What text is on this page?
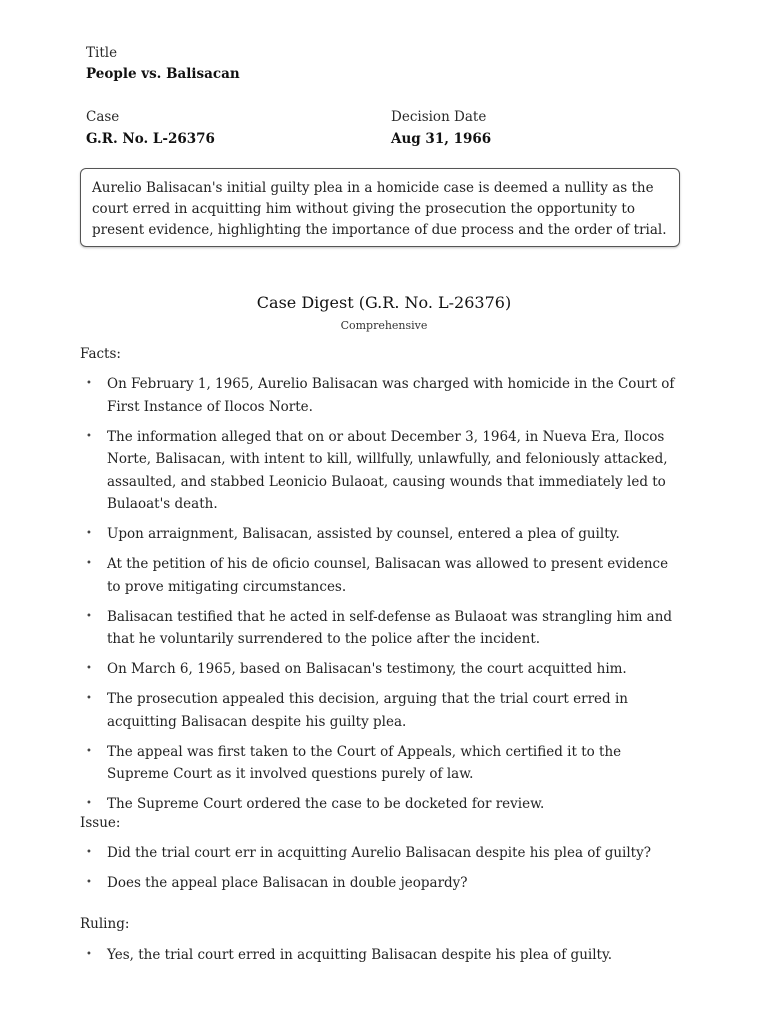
Title
People vs. Balisacan
Case
G.R. No. L-26376
Decision Date
Aug 31, 1966
Aurelio Balisacan's initial guilty plea in a homicide case is deemed a nullity as the court erred in acquitting him without giving the prosecution the opportunity to present evidence, highlighting the importance of due process and the order of trial.
Case Digest (G.R. No. L-26376)
Comprehensive
Facts:
• On February 1, 1965, Aurelio Balisacan was charged with homicide in the Court of First Instance of Ilocos Norte.
• The information alleged that on or about December 3, 1964, in Nueva Era, Ilocos Norte, Balisacan, with intent to kill, willfully, unlawfully, and feloniously attacked, assaulted, and stabbed Leonicio Bulaoat, causing wounds that immediately led to Bulaoat's death.
• Upon arraignment, Balisacan, assisted by counsel, entered a plea of guilty.
• At the petition of his de oficio counsel, Balisacan was allowed to present evidence to prove mitigating circumstances.
• Balisacan testified that he acted in self-defense as Bulaoat was strangling him and that he voluntarily surrendered to the police after the incident.
• On March 6, 1965, based on Balisacan's testimony, the court acquitted him.
• The prosecution appealed this decision, arguing that the trial court erred in acquitting Balisacan despite his guilty plea.
• The appeal was first taken to the Court of Appeals, which certified it to the Supreme Court as it involved questions purely of law.
• The Supreme Court ordered the case to be docketed for review.
Issue:
• Did the trial court err in acquitting Aurelio Balisacan despite his plea of guilty?
• Does the appeal place Balisacan in double jeopardy?
Ruling:
• Yes, the trial court erred in acquitting Balisacan despite his plea of guilty.
